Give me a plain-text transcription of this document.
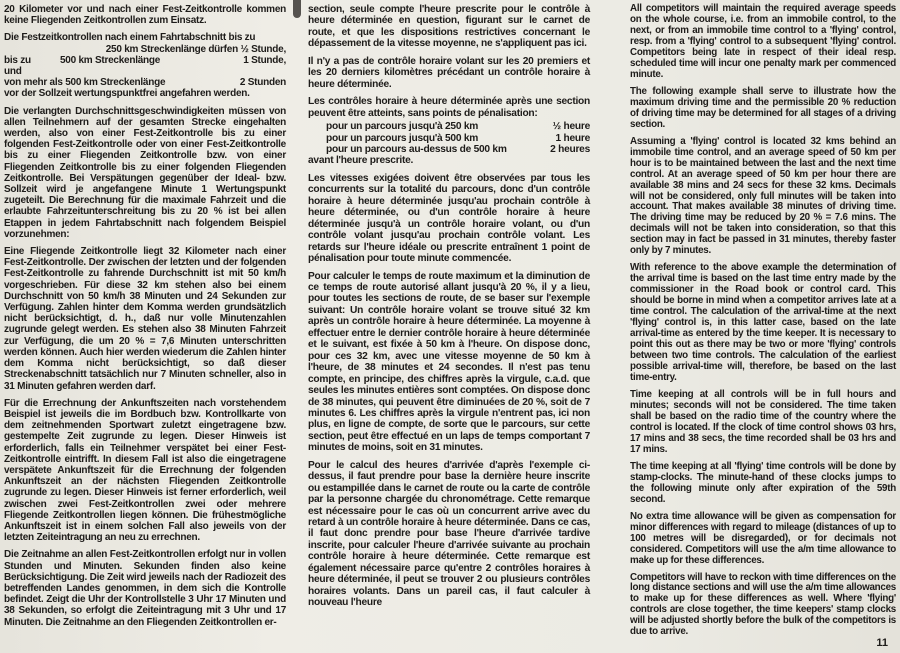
20 Kilometer vor und nach einer Fest-Zeitkontrolle kommen keine Fliegenden Zeitkontrollen zum Einsatz.

Die Festzeitkontrollen nach einem Fahrtabschnitt bis zu

250 km Streckenlänge dürfen ½ Stunde,
bis zu	500 km Streckenlänge	1 Stunde,
und
von mehr als 500 km Streckenlänge	2 Stunden

vor der Sollzeit wertungspunktfrei angefahren werden.

Die verlangten Durchschnittsgeschwindigkeiten müssen von allen Teilnehmern auf der gesamten Strecke eingehalten werden, also von einer Fest-Zeitkontrolle bis zu einer folgenden Fest-Zeitkontrolle oder von einer Fest-Zeitkontrolle bis zu einer Fliegenden Zeitkontrolle bzw. von einer Fliegenden Zeitkontrolle bis zu einer folgenden Fliegenden Zeitkontrolle. Bei Verspätungen gegenüber der Ideal- bzw. Sollzeit wird je angefangene Minute 1 Wertungspunkt zugeteilt. Die Berechnung für die maximale Fahrzeit und die erlaubte Fahrzeitunterschreitung bis zu 20 % ist bei allen Etappen in jedem Fahrtabschnitt nach folgendem Beispiel vorzunehmen:

Eine Fliegende Zeitkontrolle liegt 32 Kilometer nach einer Fest-Zeitkontrolle. Der zwischen der letzten und der folgenden Fest-Zeitkontrolle zu fahrende Durchschnitt ist mit 50 km/h vorgeschrieben. Für diese 32 km stehen also bei einem Durchschnitt von 50 km/h 38 Minuten und 24 Sekunden zur Verfügung. Zahlen hinter dem Komma werden grundsätzlich nicht berücksichtigt, d. h., daß nur volle Minutenzahlen zugrunde gelegt werden. Es stehen also 38 Minuten Fahrzeit zur Verfügung, die um 20 % = 7,6 Minuten unterschritten werden können. Auch hier werden wiederum die Zahlen hinter dem Komma nicht berücksichtigt, so daß dieser Streckenabschnitt tatsächlich nur 7 Minuten schneller, also in 31 Minuten gefahren werden darf.

Für die Errechnung der Ankunftszeiten nach vorstehendem Beispiel ist jeweils die im Bordbuch bzw. Kontrollkarte von dem zeitnehmenden Sportwart zuletzt eingetragene bzw. gestempelte Zeit zugrunde zu legen. Dieser Hinweis ist erforderlich, falls ein Teilnehmer verspätet bei einer Fest-Zeitkontrolle eintrifft. In diesem Fall ist also die eingetragene verspätete Ankunftszeit für die Errechnung der folgenden Ankunftszeit an der nächsten Fliegenden Zeitkontrolle zugrunde zu legen. Dieser Hinweis ist ferner erforderlich, weil zwischen zwei Fest-Zeitkontrollen zwei oder mehrere Fliegende Zeitkontrollen liegen können. Die frühestmögliche Ankunftszeit ist in einem solchen Fall also jeweils von der letzten Zeiteintragung an neu zu errechnen.

Die Zeitnahme an allen Fest-Zeitkontrollen erfolgt nur in vollen Stunden und Minuten. Sekunden finden also keine Berücksichtigung. Die Zeit wird jeweils nach der Radiozeit des betreffenden Landes genommen, in dem sich die Kontrolle befindet. Zeigt die Uhr der Kontrollstelle 3 Uhr 17 Minuten und 38 Sekunden, so erfolgt die Zeiteintragung mit 3 Uhr und 17 Minuten. Die Zeitnahme an den Fliegenden Zeitkontrollen er-

section, seule compte l'heure prescrite pour le contrôle à heure déterminée en question, figurant sur le carnet de route, et que les dispositions restrictives concernant le dépassement de la vitesse moyenne, ne s'appliquent pas ici.

Il n'y a pas de contrôle horaire volant sur les 20 premiers et les 20 derniers kilomètres précédant un contrôle horaire à heure déterminée.

Les contrôles horaire à heure déterminée après une section peuvent être atteints, sans points de pénalisation:

pour un parcours jusqu'à 250 km	½ heure
pour un parcours jusqu'à 500 km	1 heure
pour un parcours au-dessus de 500 km	2 heures

avant l'heure prescrite.

Les vitesses exigées doivent être observées par tous les concurrents sur la totalité du parcours, donc d'un contrôle horaire à heure déterminée jusqu'au prochain contrôle à heure déterminée, ou d'un contrôle horaire à heure déterminée jusqu'à un contrôle horaire volant, ou d'un contrôle volant jusqu'au prochain contrôle volant. Les retards sur l'heure idéale ou prescrite entraînent 1 point de pénalisation pour toute minute commencée.

Pour calculer le temps de route maximum et la diminution de ce temps de route autorisé allant jusqu'à 20 %, il y a lieu, pour toutes les sections de route, de se baser sur l'exemple suivant: Un contrôle horaire volant se trouve situé 32 km après un contrôle horaire à heure déterminée. La moyenne à effectuer entre le dernier contrôle horaire à heure déterminée et le suivant, est fixée à 50 km à l'heure. On dispose donc, pour ces 32 km, avec une vitesse moyenne de 50 km à l'heure, de 38 minutes et 24 secondes. Il n'est pas tenu compte, en principe, des chiffres après la virgule, c.a.d. que seules les minutes entières sont comptées. On dispose donc de 38 minutes, qui peuvent être diminuées de 20 %, soit de 7 minutes 6. Les chiffres après la virgule n'entrent pas, ici non plus, en ligne de compte, de sorte que le parcours, sur cette section, peut être effectué en un laps de temps comportant 7 minutes de moins, soit en 31 minutes.

Pour le calcul des heures d'arrivée d'après l'exemple ci-dessus, il faut prendre pour base la dernière heure inscrite ou estampillée dans le carnet de route ou la carte de contrôle par la personne chargée du chronométrage. Cette remarque est nécessaire pour le cas où un concurrent arrive avec du retard à un contrôle horaire à heure déterminée. Dans ce cas, il faut donc prendre pour base l'heure d'arrivée tardive inscrite, pour calculer l'heure d'arrivée suivante au prochain contrôle horaire à heure déterminée. Cette remarque est également nécessaire parce qu'entre 2 contrôles horaires à heure déterminée, il peut se trouver 2 ou plusieurs contrôles horaires volants. Dans un pareil cas, il faut calculer à nouveau l'heure

All competitors will maintain the required average speeds on the whole course, i.e. from an immobile control, to the next, or from an immobile time control to a 'flying' control, resp. from a 'flying' control to a subsequent 'flying' control. Competitors being late in respect of their ideal resp. scheduled time will incur one penalty mark per commenced minute.

The following example shall serve to illustrate how the maximum driving time and the permissible 20 % reduction of driving time may be determined for all stages of a driving section.

Assuming a 'flying' control is located 32 kms behind an immobile time control, and an average speed of 50 km per hour is to be maintained between the last and the next time control. At an average speed of 50 km per hour there are available 38 mins and 24 secs for these 32 kms. Decimals will not be considered, only full minutes will be taken into account. That makes available 38 minutes of driving time. The driving time may be reduced by 20 % = 7.6 mins. The decimals will not be taken into consideration, so that this section may in fact be passed in 31 minutes, thereby faster only by 7 minutes.

With reference to the above example the determination of the arrival time is based on the last time entry made by the commissioner in the Road book or control card. This should be borne in mind when a competitor arrives late at a time control. The calculation of the arrival-time at the next 'flying' control is, in this latter case, based on the late arrival-time as entered by the time keeper. It is necessary to point this out as there may be two or more 'flying' controls between two time controls. The calculation of the earliest possible arrival-time will, therefore, be based on the last time-entry.

Time keeping at all controls will be in full hours and minutes; seconds will not be considered. The time taken shall be based on the radio time of the country where the control is located. If the clock of time control shows 03 hrs, 17 mins and 38 secs, the time recorded shall be 03 hrs and 17 mins.

The time keeping at all 'flying' time controls will be done by stamp-clocks. The minute-hand of these clocks jumps to the following minute only after expiration of the 59th second.

No extra time allowance will be given as compensation for minor differences with regard to mileage (distances of up to 100 metres will be disregarded), or for decimals not considered. Competitors will use the a/m time allowance to make up for these differences.

Competitors will have to reckon with time differences on the long distance sections and will use the a/m time allowances to make up for these differences as well. Where 'flying' controls are close together, the time keepers' stamp clocks will be adjusted shortly before the bulk of the competitors is due to arrive.

11
